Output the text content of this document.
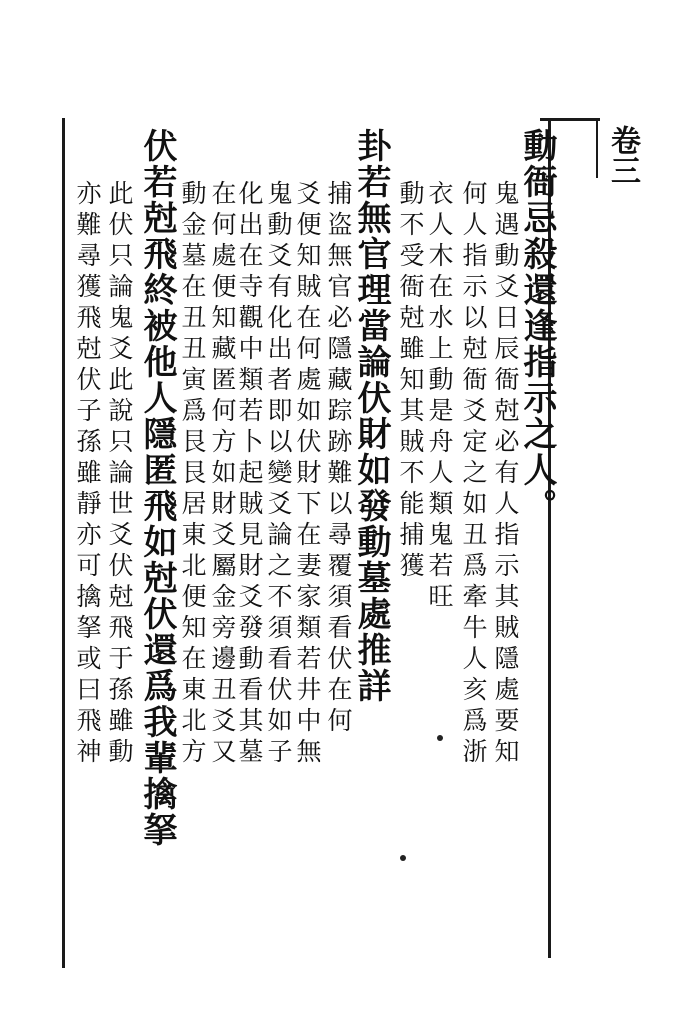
卷三
動衙忌殺還逢指示之人。
鬼遇動爻日辰衙尅必有人指示其賊隱處要知
何人指示以尅衙爻定之如丑爲牽牛人亥爲浙
衣人木在水上動是舟人類鬼若旺
動不受衙尅雖知其賊不能捕獲
卦若無官理當論伏財如發動墓處推詳
捕盗無官必隱藏踪跡難以尋覆須看伏在何
爻便知賊在何處如伏財下在妻家類若井中無
鬼動爻有化出者即以變爻論之不須看伏如子
化出在寺觀中類若卜起賊見財爻發動看其墓
在何處便知藏匿何方如財爻屬金旁邊丑爻又
動金墓在丑丑寅爲艮艮居東北便知在東北方
伏若尅飛終被他人隱匿飛如尅伏還爲我輩擒拏
此伏只論鬼爻此說只論世爻伏尅飛于孫雖動
亦難尋獲飛尅伏子孫雖靜亦可擒拏或曰飛神
